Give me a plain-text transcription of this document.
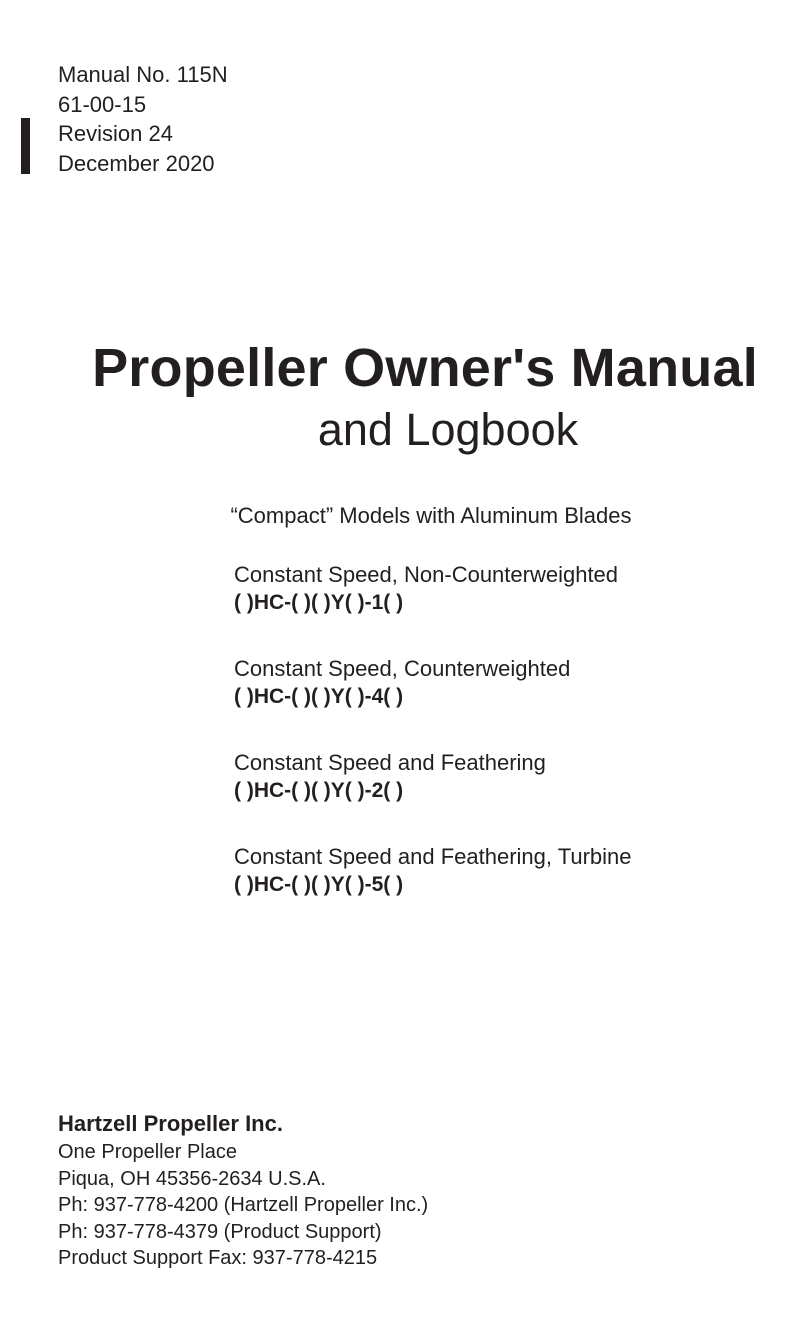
Manual No. 115N
61-00-15
Revision 24
December 2020
Propeller Owner's Manual
and Logbook
“Compact” Models with Aluminum Blades
Constant Speed, Non-Counterweighted
( )HC-( )( )Y( )-1( )
Constant Speed, Counterweighted
( )HC-( )( )Y( )-4( )
Constant Speed and Feathering
( )HC-( )( )Y( )-2( )
Constant Speed and Feathering, Turbine
( )HC-( )( )Y( )-5( )
Hartzell Propeller Inc.
One Propeller Place
Piqua, OH 45356-2634 U.S.A.
Ph: 937-778-4200 (Hartzell Propeller Inc.)
Ph: 937-778-4379 (Product Support)
Product Support Fax: 937-778-4215
